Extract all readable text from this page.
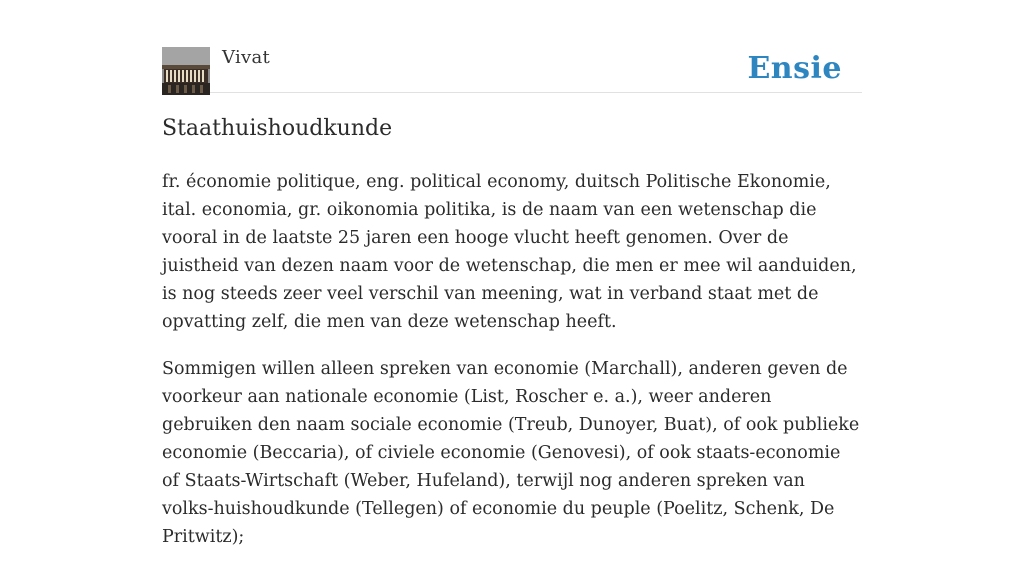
Vivat	Ensie
Staathuishoudkunde

fr. économie politique, eng. political economy, duitsch Politische Ekonomie, ital. economia, gr. oikonomia politika, is de naam van een wetenschap die vooral in de laatste 25 jaren een hooge vlucht heeft genomen. Over de juistheid van dezen naam voor de wetenschap, die men er mee wil aanduiden, is nog steeds zeer veel verschil van meening, wat in verband staat met de opvatting zelf, die men van deze wetenschap heeft.

Sommigen willen alleen spreken van economie (Marchall), anderen geven de voorkeur aan nationale economie (List, Roscher e. a.), weer anderen gebruiken den naam sociale economie (Treub, Dunoyer, Buat), of ook publieke economie (Beccaria), of civiele economie (Genovesi), of ook staats-economie of Staats-Wirtschaft (Weber, Hufeland), terwijl nog anderen spreken van volks-huishoudkunde (Tellegen) of economie du peuple (Poelitz, Schenk, De Pritwitz);
